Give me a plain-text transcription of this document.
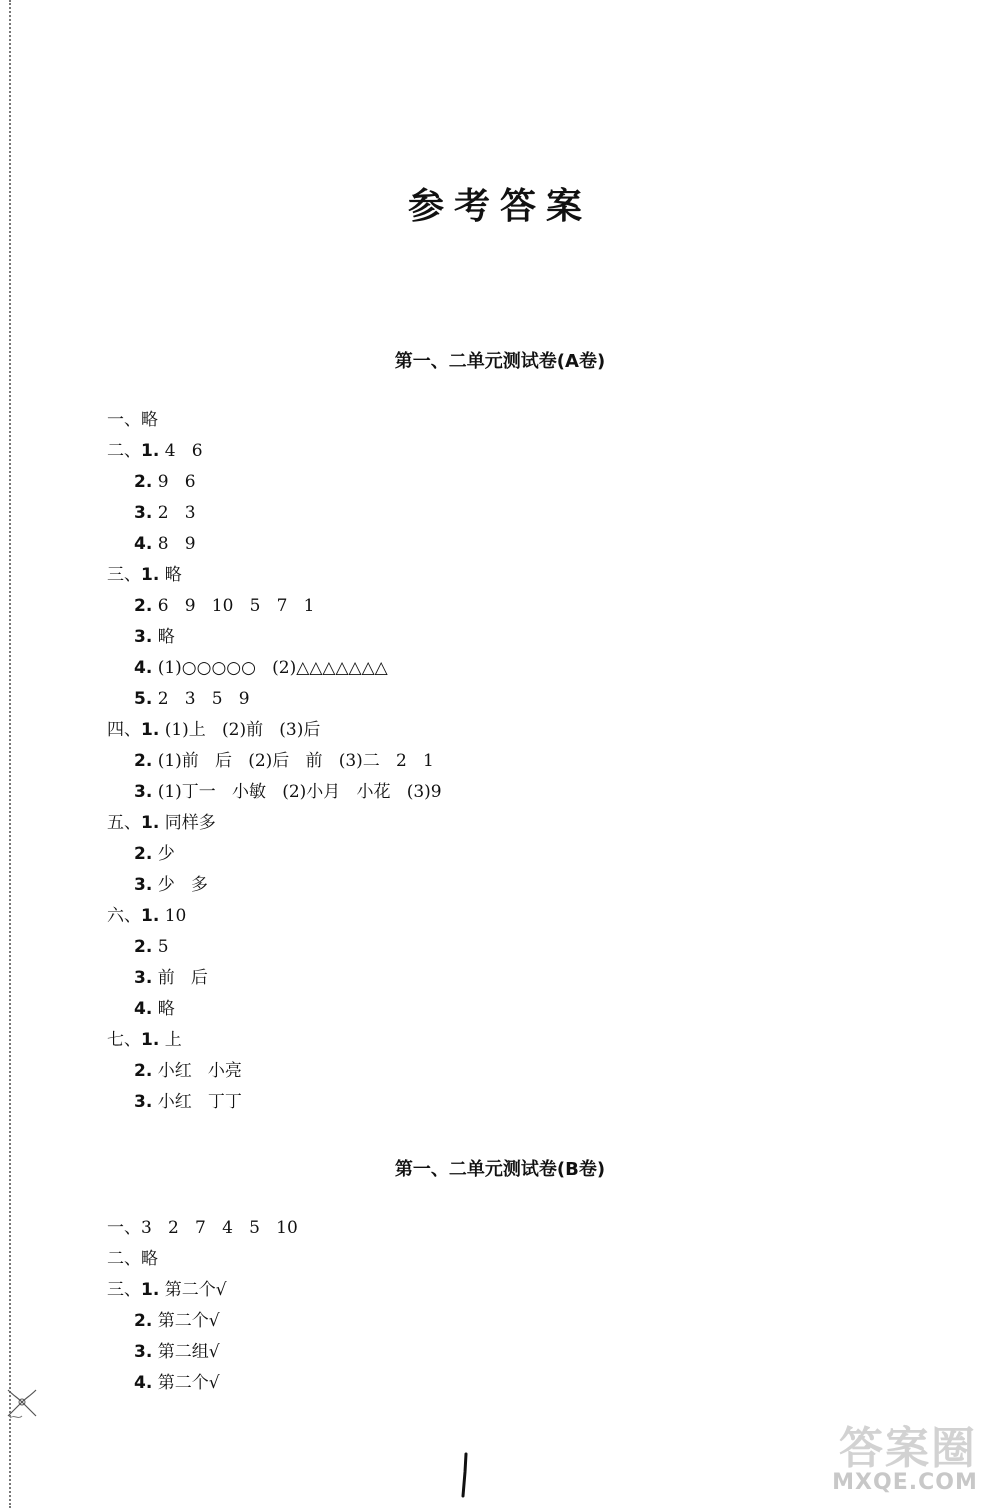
参考答案
第一、二单元测试卷(A卷)
一、略
二、1. 4   6
2. 9   6
3. 2   3
4. 8   9
三、1. 略
2. 6   9   10   5   7   1
3. 略
4. (1)○○○○○   (2)△△△△△△△
5. 2   3   5   9
四、1. (1)上   (2)前   (3)后
2. (1)前   后   (2)后   前   (3)二   2   1
3. (1)丁一   小敏   (2)小月   小花   (3)9
五、1. 同样多
2. 少
3. 少   多
六、1. 10
2. 5
3. 前   后
4. 略
七、1. 上
2. 小红   小亮
3. 小红   丁丁
第一、二单元测试卷(B卷)
一、3   2   7   4   5   10
二、略
三、1. 第二个√
2. 第二个√
3. 第二组√
4. 第二个√
答案圈
MXQE.COM
